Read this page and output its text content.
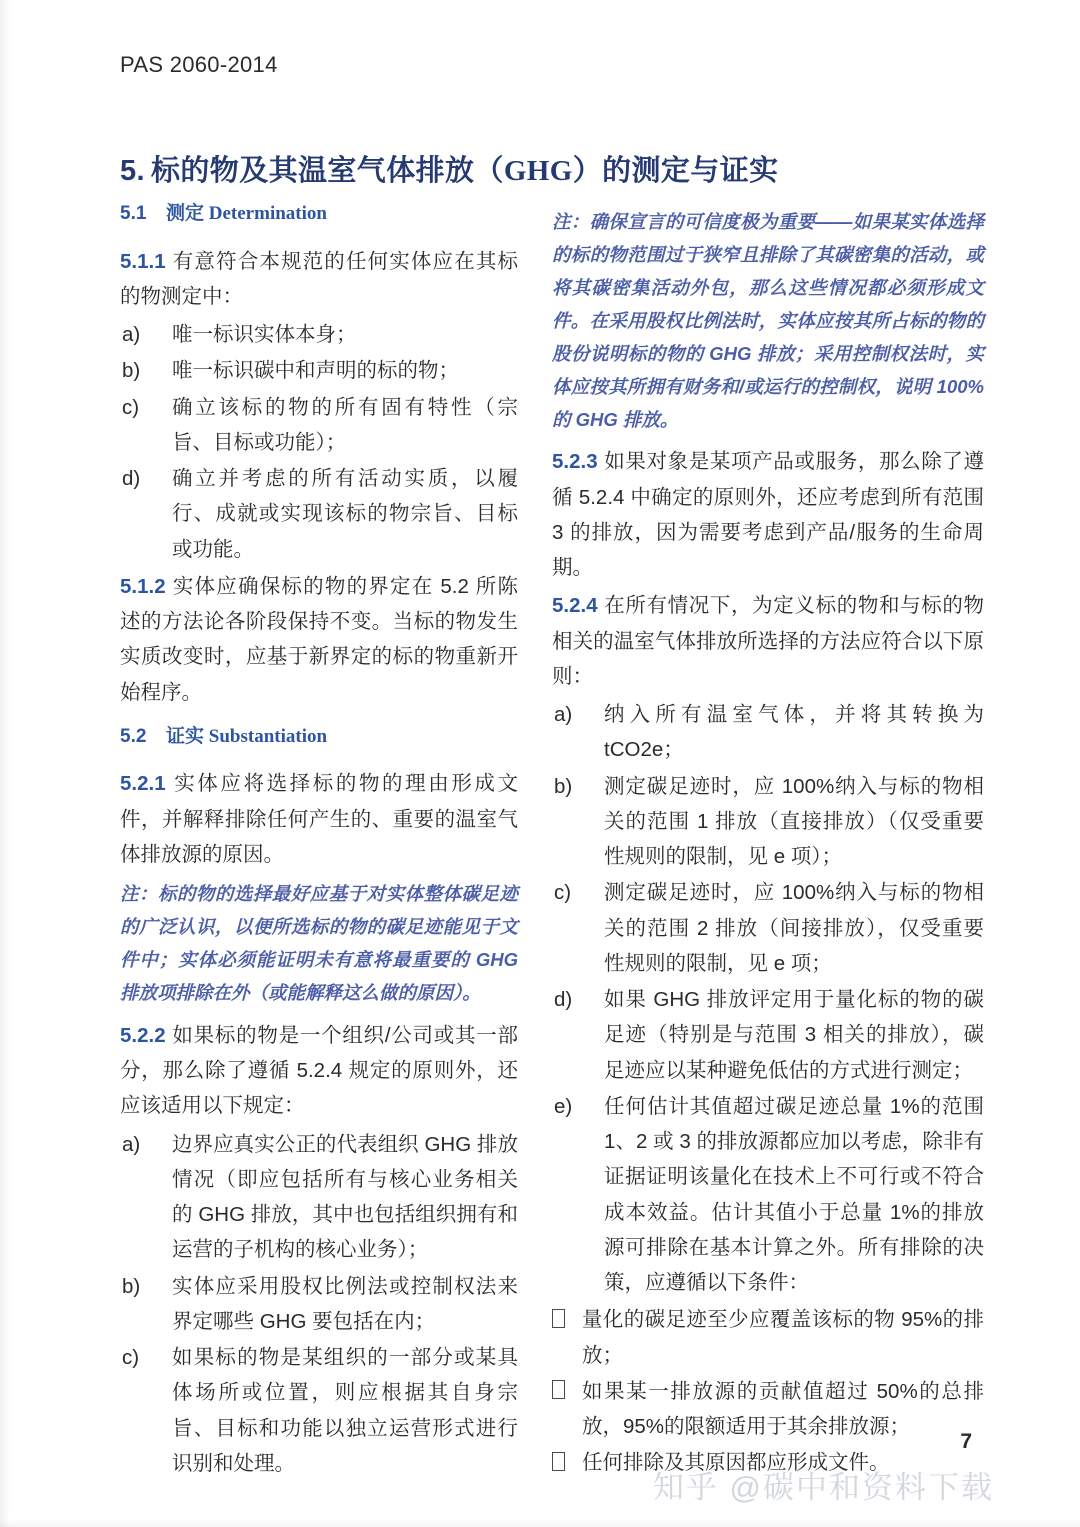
PAS 2060-2014
5. 标的物及其温室气体排放（GHG）的测定与证实

5.1 测定 Determination

5.1.1 有意符合本规范的任何实体应在其标的物测定中：

a)	唯一标识实体本身；
b)	唯一标识碳中和声明的标的物；
c)	确立该标的物的所有固有特性（宗旨、目标或功能）；
d)	确立并考虑的所有活动实质，以履行、成就或实现该标的物宗旨、目标或功能。

5.1.2 实体应确保标的物的界定在 5.2 所陈述的方法论各阶段保持不变。当标的物发生实质改变时，应基于新界定的标的物重新开始程序。

5.2 证实 Substantiation

5.2.1 实体应将选择标的物的理由形成文件，并解释排除任何产生的、重要的温室气体排放源的原因。

注：标的物的选择最好应基于对实体整体碳足迹的广泛认识，以便所选标的物的碳足迹能见于文件中；实体必须能证明未有意将最重要的 GHG 排放项排除在外（或能解释这么做的原因）。

5.2.2 如果标的物是一个组织/公司或其一部分，那么除了遵循 5.2.4 规定的原则外，还应该适用以下规定：

a)	边界应真实公正的代表组织 GHG 排放情况（即应包括所有与核心业务相关的 GHG 排放，其中也包括组织拥有和运营的子机构的核心业务）；
b)	实体应采用股权比例法或控制权法来界定哪些 GHG 要包括在内；
c)	如果标的物是某组织的一部分或某具体场所或位置，则应根据其自身宗旨、目标和功能以独立运营形式进行识别和处理。

注：确保宣言的可信度极为重要——如果某实体选择的标的物范围过于狭窄且排除了其碳密集的活动，或将其碳密集活动外包，那么这些情况都必须形成文件。在采用股权比例法时，实体应按其所占标的物的股份说明标的物的 GHG 排放；采用控制权法时，实体应按其所拥有财务和/或运行的控制权，说明 100%的 GHG 排放。

5.2.3 如果对象是某项产品或服务，那么除了遵循 5.2.4 中确定的原则外，还应考虑到所有范围 3 的排放，因为需要考虑到产品/服务的生命周期。

5.2.4 在所有情况下，为定义标的物和与标的物相关的温室气体排放所选择的方法应符合以下原则：

a)	纳入所有温室气体，并将其转换为 tCO2e；
b)	测定碳足迹时，应 100%纳入与标的物相关的范围 1 排放（直接排放）（仅受重要性规则的限制，见 e 项）；
c)	测定碳足迹时，应 100%纳入与标的物相关的范围 2 排放（间接排放），仅受重要性规则的限制，见 e 项；
d)	如果 GHG 排放评定用于量化标的物的碳足迹（特别是与范围 3 相关的排放），碳足迹应以某种避免低估的方式进行测定；
e)	任何估计其值超过碳足迹总量 1%的范围 1、2 或 3 的排放源都应加以考虑，除非有证据证明该量化在技术上不可行或不符合成本效益。估计其值小于总量 1%的排放源可排除在基本计算之外。所有排除的决策，应遵循以下条件：
量化的碳足迹至少应覆盖该标的物 95%的排放；
如果某一排放源的贡献值超过 50%的总排放，95%的限额适用于其余排放源；
任何排除及其原因都应形成文件。
7
知乎 @碳中和资料下载
